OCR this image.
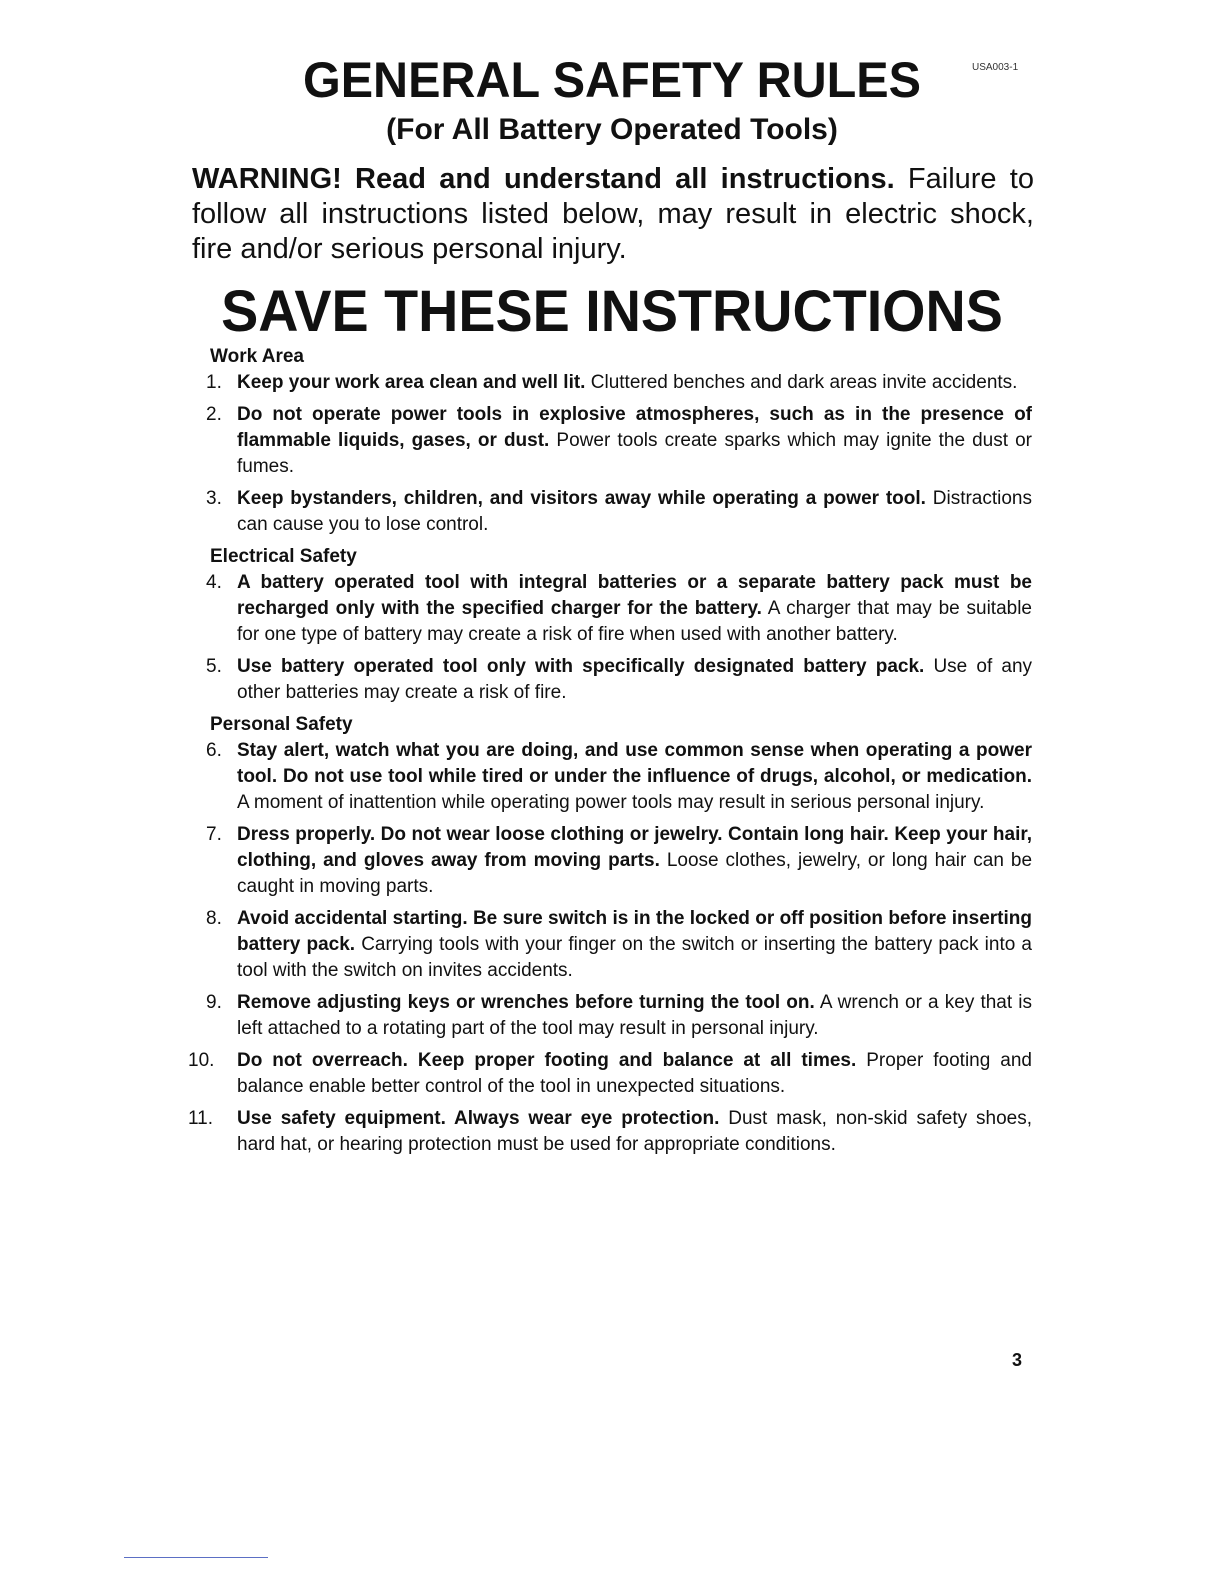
GENERAL SAFETY RULES	USA003-1
(For All Battery Operated Tools)
WARNING! Read and understand all instructions. Failure to follow all instructions listed below, may result in electric shock, fire and/or serious personal injury.
SAVE THESE INSTRUCTIONS
Work Area
1. Keep your work area clean and well lit. Cluttered benches and dark areas invite accidents.
2. Do not operate power tools in explosive atmospheres, such as in the presence of flammable liquids, gases, or dust. Power tools create sparks which may ignite the dust or fumes.
3. Keep bystanders, children, and visitors away while operating a power tool. Distractions can cause you to lose control.
Electrical Safety
4. A battery operated tool with integral batteries or a separate battery pack must be recharged only with the specified charger for the battery. A charger that may be suitable for one type of battery may create a risk of fire when used with another battery.
5. Use battery operated tool only with specifically designated battery pack. Use of any other batteries may create a risk of fire.
Personal Safety
6. Stay alert, watch what you are doing, and use common sense when operating a power tool. Do not use tool while tired or under the influence of drugs, alcohol, or medication. A moment of inattention while operating power tools may result in serious personal injury.
7. Dress properly. Do not wear loose clothing or jewelry. Contain long hair. Keep your hair, clothing, and gloves away from moving parts. Loose clothes, jewelry, or long hair can be caught in moving parts.
8. Avoid accidental starting. Be sure switch is in the locked or off position before inserting battery pack. Carrying tools with your finger on the switch or inserting the battery pack into a tool with the switch on invites accidents.
9. Remove adjusting keys or wrenches before turning the tool on. A wrench or a key that is left attached to a rotating part of the tool may result in personal injury.
10. Do not overreach. Keep proper footing and balance at all times. Proper footing and balance enable better control of the tool in unexpected situations.
11. Use safety equipment. Always wear eye protection. Dust mask, non-skid safety shoes, hard hat, or hearing protection must be used for appropriate conditions.
3
